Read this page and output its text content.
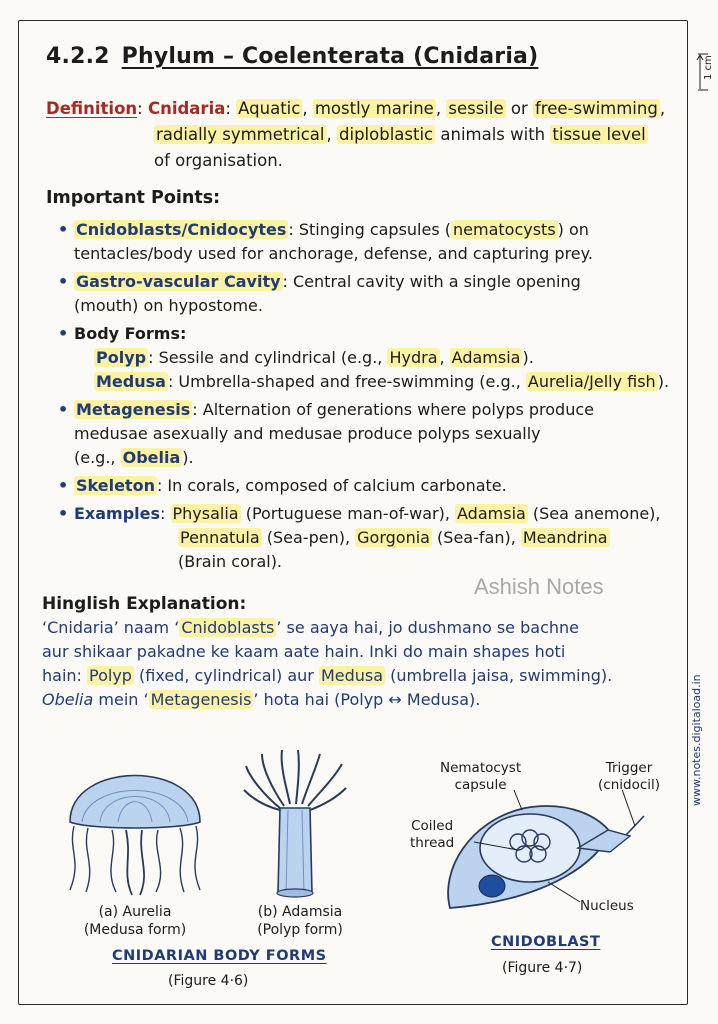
4.2.2 Phylum – Coelenterata (Cnidaria)	1 cm
Definition: Cnidaria: Aquatic , mostly marine , sessile or free-swimming ,
radially symmetrical , diploblastic animals with tissue level
of organisation.
Important Points:
• Cnidoblasts/Cnidocytes : Stinging capsules ( nematocysts ) on
tentacles/body used for anchorage, defense, and capturing prey.
• Gastro-vascular Cavity : Central cavity with a single opening
(mouth) on hypostome.
• Body Forms:
Polyp : Sessile and cylindrical (e.g., Hydra , Adamsia ).
Medusa : Umbrella-shaped and free-swimming (e.g., Aurelia/Jelly fish ).
• Metagenesis : Alternation of generations where polyps produce
medusae asexually and medusae produce polyps sexually
(e.g., Obelia ).
• Skeleton : In corals, composed of calcium carbonate.
• Examples: Physalia (Portuguese man-of-war), Adamsia (Sea anemone),
Pennatula (Sea-pen), Gorgonia (Sea-fan), Meandrina
(Brain coral).
Ashish Notes
Hinglish Explanation:
‘Cnidaria’ naam ‘ Cnidoblasts ’ se aaya hai, jo dushmano se bachne
aur shikaar pakadne ke kaam aate hain. Inki do main shapes hoti
hain: Polyp (fixed, cylindrical) aur Medusa (umbrella jaisa, swimming).
Obelia mein ‘ Metagenesis ’ hota hai (Polyp ↔ Medusa).	www.notes.digitaload.in
(a) Aurelia
(Medusa form)
(b) Adamsia
(Polyp form)
CNIDARIAN BODY FORMS
(Figure 4·6)
Nematocyst
capsule
Trigger
(cnidocil)
Coiled
thread
Nucleus
CNIDOBLAST
(Figure 4·7)
